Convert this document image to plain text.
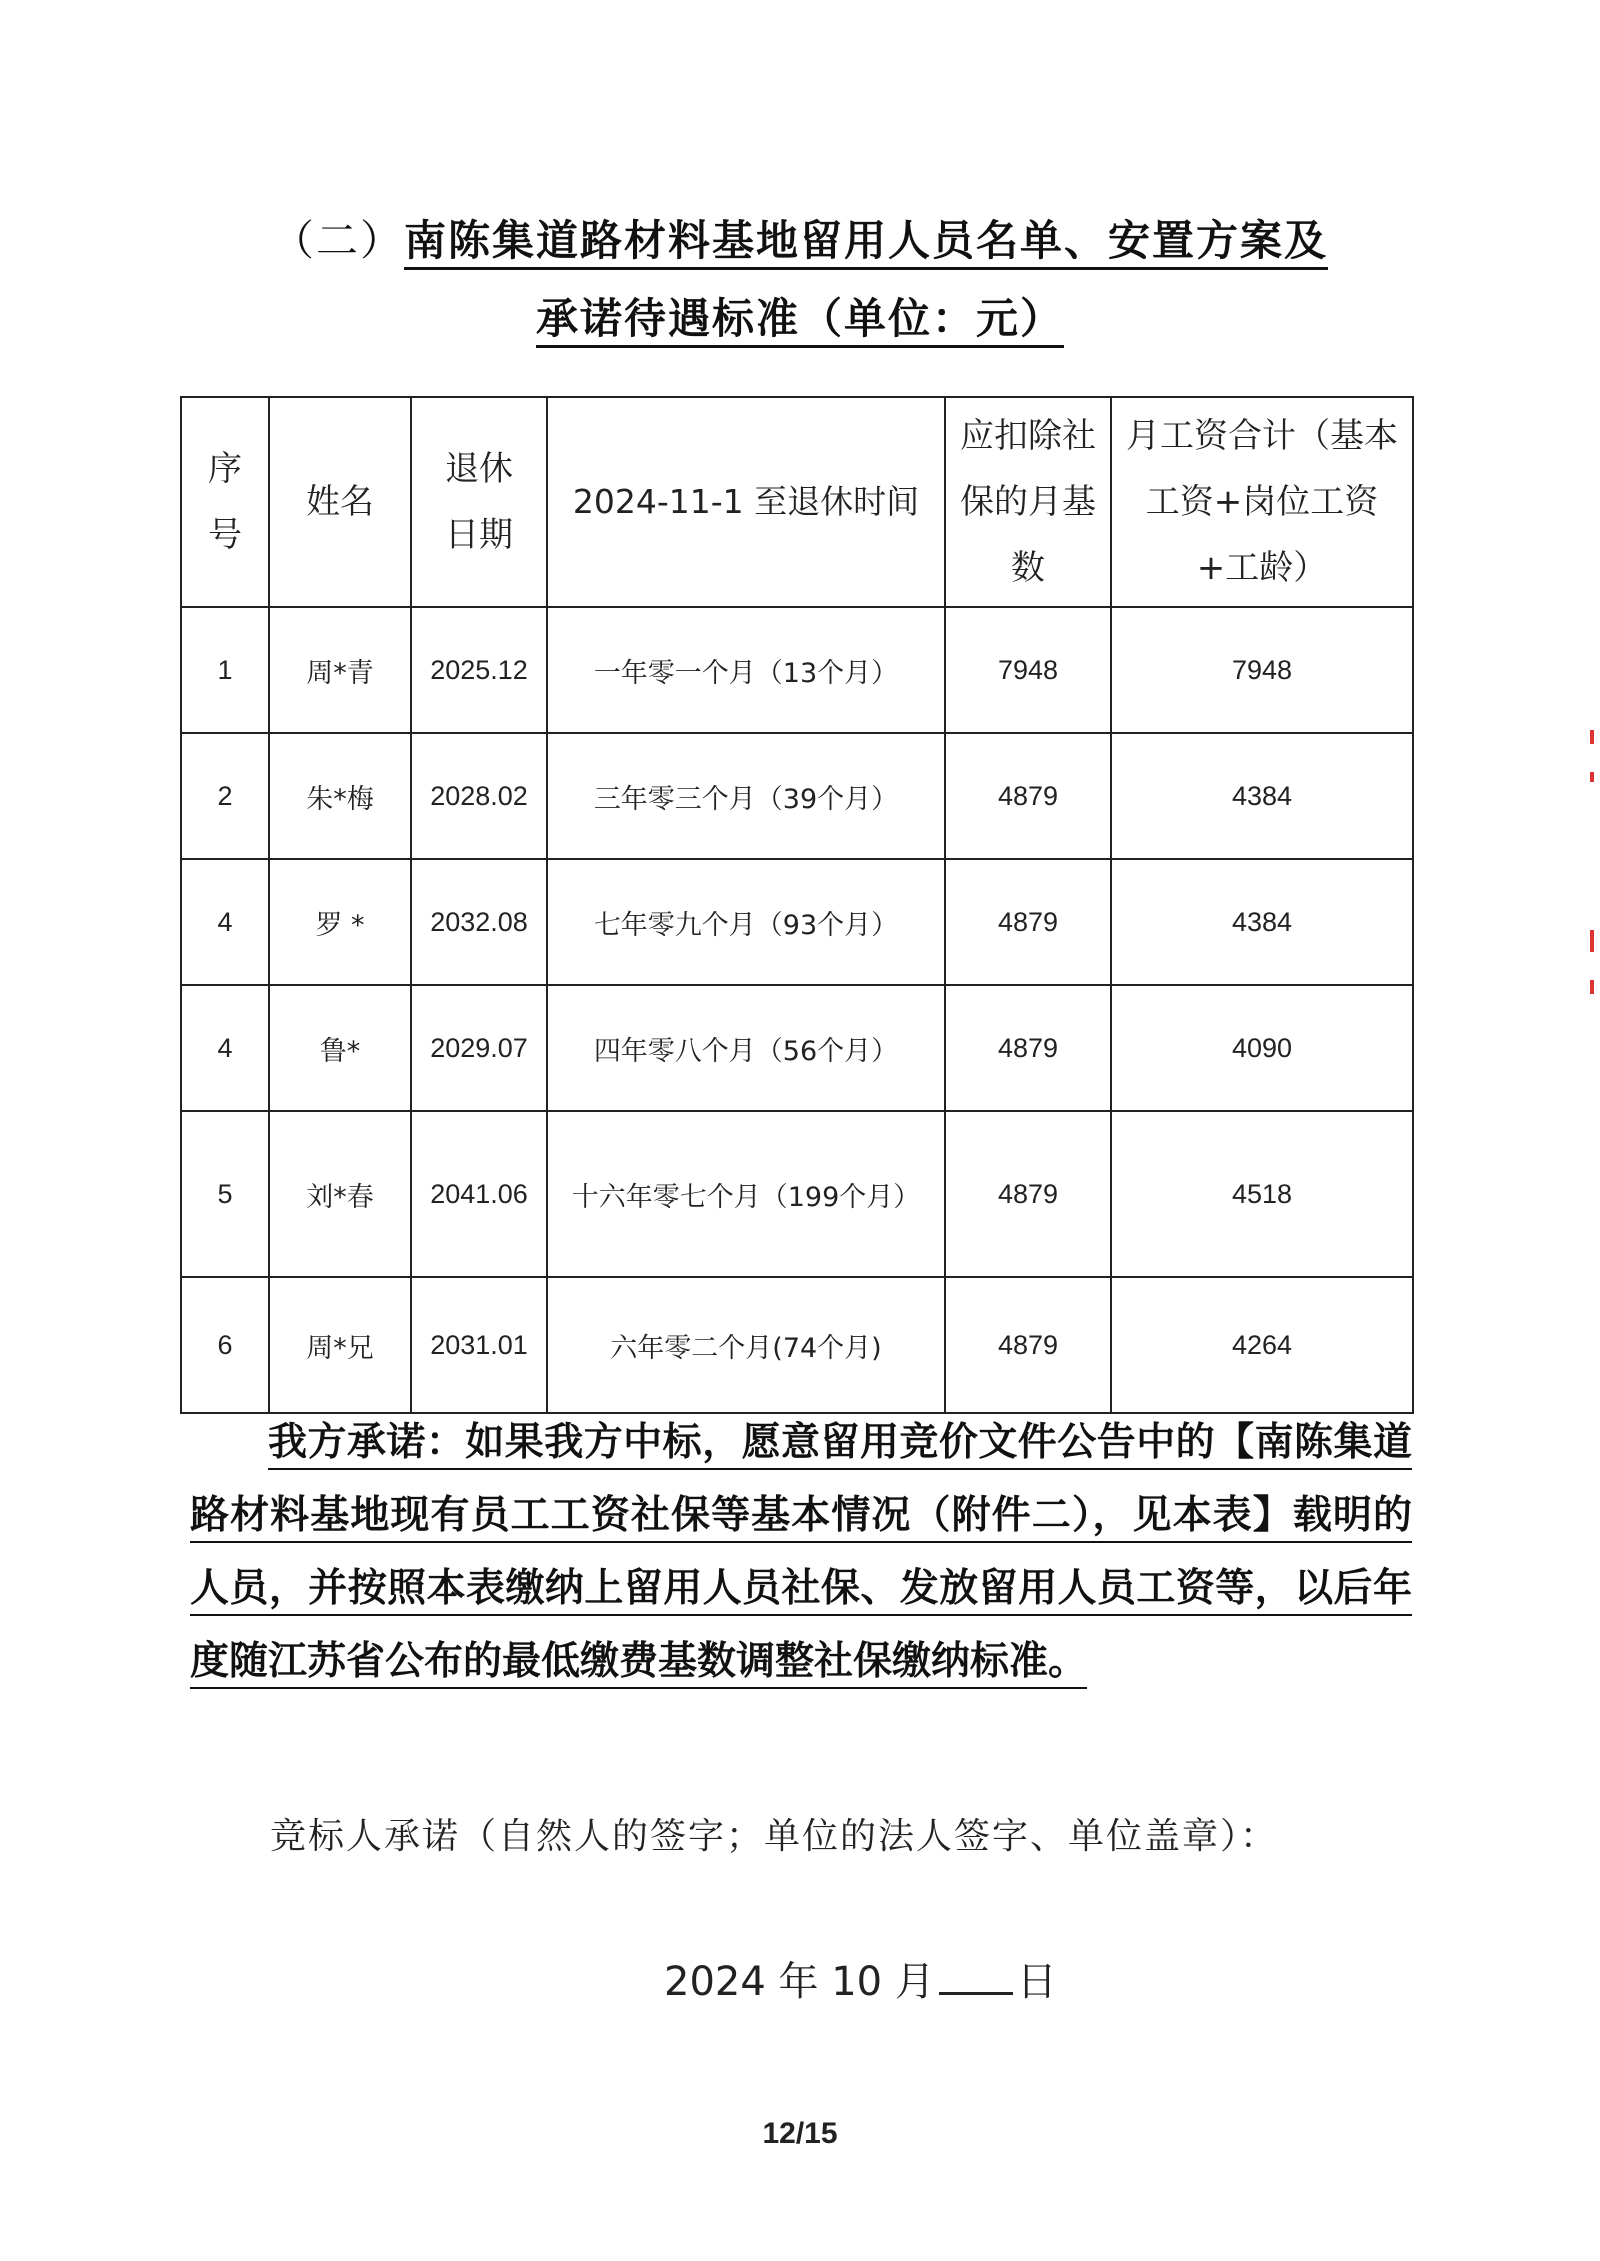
（二）南陈集道路材料基地留用人员名单、安置方案及
承诺待遇标准（单位：元）
序号	姓名	退休日期	2024-11-1 至退休时间	应扣除社保的月基数	月工资合计（基本工资+岗位工资+工龄）

1	周*青	2025.12	一年零一个月（13个月）	7948	7948
2	朱*梅	2028.02	三年零三个月（39个月）	4879	4384
4	罗 *	2032.08	七年零九个月（93个月）	4879	4384
4	鲁*	2029.07	四年零八个月（56个月）	4879	4090
5	刘*春	2041.06	十六年零七个月（199个月）	4879	4518
6	周*兄	2031.01	六年零二个月(74个月)	4879	4264
我方承诺：如果我方中标，愿意留用竞价文件公告中的【南陈集道路材料基地现有员工工资社保等基本情况（附件二），见本表】载明的人员，并按照本表缴纳上留用人员社保、发放留用人员工资等，以后年度随江苏省公布的最低缴费基数调整社保缴纳标准。
竞标人承诺（自然人的签字；单位的法人签字、单位盖章）：
2024 年 10 月 日
12/15
